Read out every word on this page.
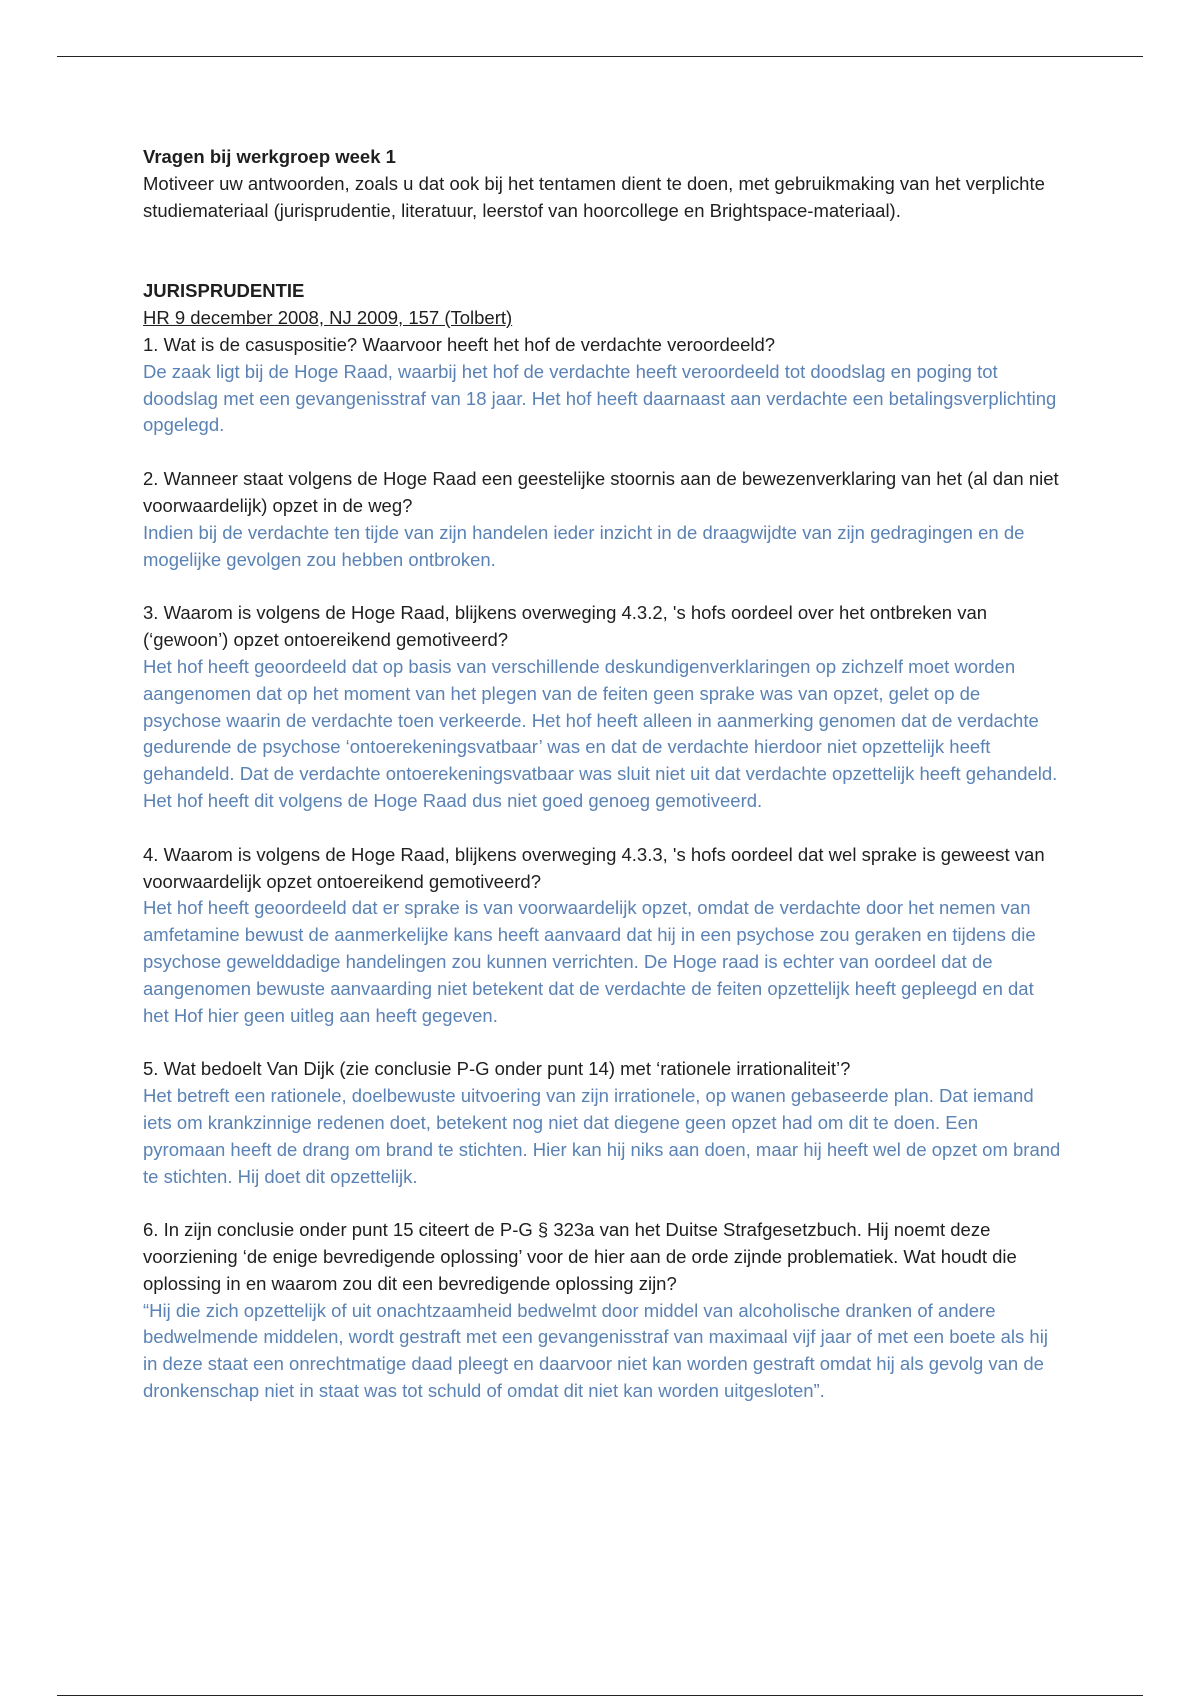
Vragen bij werkgroep week 1

Motiveer uw antwoorden, zoals u dat ook bij het tentamen dient te doen, met gebruikmaking van het verplichte studiemateriaal (jurisprudentie, literatuur, leerstof van hoorcollege en Brightspace-materiaal).

JURISPRUDENTIE

HR 9 december 2008, NJ 2009, 157 (Tolbert)

1. Wat is de casuspositie? Waarvoor heeft het hof de verdachte veroordeeld?

De zaak ligt bij de Hoge Raad, waarbij het hof de verdachte heeft veroordeeld tot doodslag en poging tot doodslag met een gevangenisstraf van 18 jaar. Het hof heeft daarnaast aan verdachte een betalingsverplichting opgelegd.

2. Wanneer staat volgens de Hoge Raad een geestelijke stoornis aan de bewezenverklaring van het (al dan niet voorwaardelijk) opzet in de weg?

Indien bij de verdachte ten tijde van zijn handelen ieder inzicht in de draagwijdte van zijn gedragingen en de mogelijke gevolgen zou hebben ontbroken.

3. Waarom is volgens de Hoge Raad, blijkens overweging 4.3.2, 's hofs oordeel over het ontbreken van (‘gewoon’) opzet ontoereikend gemotiveerd?

Het hof heeft geoordeeld dat op basis van verschillende deskundigenverklaringen op zichzelf moet worden aangenomen dat op het moment van het plegen van de feiten geen sprake was van opzet, gelet op de psychose waarin de verdachte toen verkeerde. Het hof heeft alleen in aanmerking genomen dat de verdachte gedurende de psychose ‘ontoerekeningsvatbaar’ was en dat de verdachte hierdoor niet opzettelijk heeft gehandeld. Dat de verdachte ontoerekeningsvatbaar was sluit niet uit dat verdachte opzettelijk heeft gehandeld. Het hof heeft dit volgens de Hoge Raad dus niet goed genoeg gemotiveerd.

4. Waarom is volgens de Hoge Raad, blijkens overweging 4.3.3, 's hofs oordeel dat wel sprake is geweest van voorwaardelijk opzet ontoereikend gemotiveerd?

Het hof heeft geoordeeld dat er sprake is van voorwaardelijk opzet, omdat de verdachte door het nemen van amfetamine bewust de aanmerkelijke kans heeft aanvaard dat hij in een psychose zou geraken en tijdens die psychose gewelddadige handelingen zou kunnen verrichten. De Hoge raad is echter van oordeel dat de aangenomen bewuste aanvaarding niet betekent dat de verdachte de feiten opzettelijk heeft gepleegd en dat het Hof hier geen uitleg aan heeft gegeven.

5. Wat bedoelt Van Dijk (zie conclusie P-G onder punt 14) met ‘rationele irrationaliteit’?

Het betreft een rationele, doelbewuste uitvoering van zijn irrationele, op wanen gebaseerde plan. Dat iemand iets om krankzinnige redenen doet, betekent nog niet dat diegene geen opzet had om dit te doen. Een pyromaan heeft de drang om brand te stichten. Hier kan hij niks aan doen, maar hij heeft wel de opzet om brand te stichten. Hij doet dit opzettelijk.

6. In zijn conclusie onder punt 15 citeert de P-G § 323a van het Duitse Strafgesetzbuch. Hij noemt deze voorziening ‘de enige bevredigende oplossing’ voor de hier aan de orde zijnde problematiek. Wat houdt die oplossing in en waarom zou dit een bevredigende oplossing zijn?

“Hij die zich opzettelijk of uit onachtzaamheid bedwelmt door middel van alcoholische dranken of andere bedwelmende middelen, wordt gestraft met een gevangenisstraf van maximaal vijf jaar of met een boete als hij in deze staat een onrechtmatige daad pleegt en daarvoor niet kan worden gestraft omdat hij als gevolg van de dronkenschap niet in staat was tot schuld of omdat dit niet kan worden uitgesloten”.
